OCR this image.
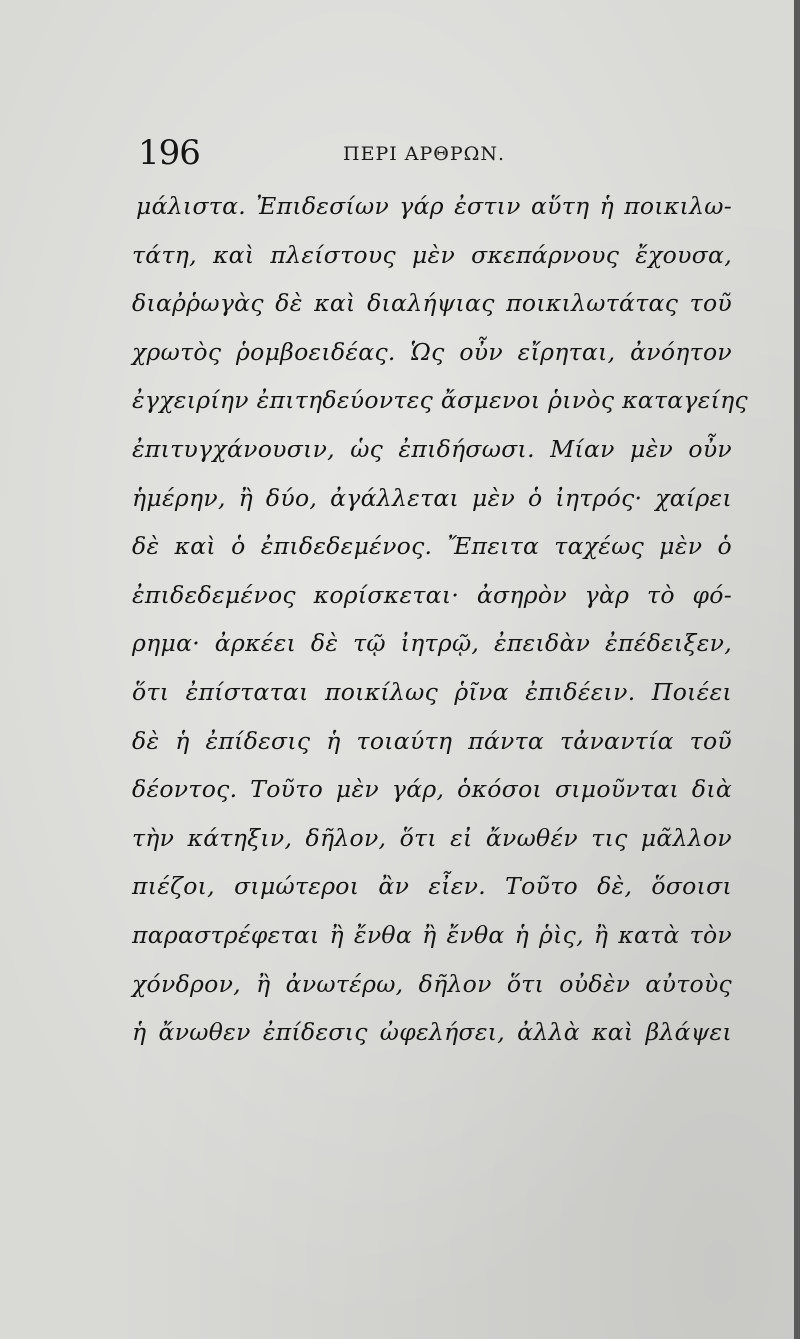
196	ΠΕΡΙ ΑΡΘΡΩΝ.
μάλιστα. Ἐπιδεσίων γάρ ἐστιν αὕτη ἡ ποικιλω-
τάτη, καὶ πλείστους μὲν σκεπάρνους ἔχουσα,
διαῤῥωγὰς δὲ καὶ διαλήψιας ποικιλωτάτας τοῦ
χρωτὸς ῥομβοειδέας. Ὡς οὖν εἴρηται, ἀνόητον
ἐγχειρίην ἐπιτηδεύοντες ἄσμενοι ῥινὸς καταγείης
ἐπιτυγχάνουσιν, ὡς ἐπιδήσωσι. Μίαν μὲν οὖν
ἡμέρην, ἢ δύο, ἀγάλλεται μὲν ὁ ἰητρός· χαίρει
δὲ καὶ ὁ ἐπιδεδεμένος. Ἔπειτα ταχέως μὲν ὁ
ἐπιδεδεμένος κορίσκεται· ἀσηρὸν γὰρ τὸ φό-
ρημα· ἀρκέει δὲ τῷ ἰητρῷ, ἐπειδὰν ἐπέδειξεν,
ὅτι ἐπίσταται ποικίλως ῥῖνα ἐπιδέειν. Ποιέει
δὲ ἡ ἐπίδεσις ἡ τοιαύτη πάντα τἀναντία τοῦ
δέοντος. Τοῦτο μὲν γάρ, ὁκόσοι σιμοῦνται διὰ
τὴν κάτηξιν, δῆλον, ὅτι εἰ ἄνωθέν τις μᾶλλον
πιέζοι, σιμώτεροι ἂν εἶεν. Τοῦτο δὲ, ὅσοισι
παραστρέφεται ἢ ἔνθα ἢ ἔνθα ἡ ῥὶς, ἢ κατὰ τὸν
χόνδρον, ἢ ἀνωτέρω, δῆλον ὅτι οὐδὲν αὐτοὺς
ἡ ἄνωθεν ἐπίδεσις ὠφελήσει, ἀλλὰ καὶ βλάψει
